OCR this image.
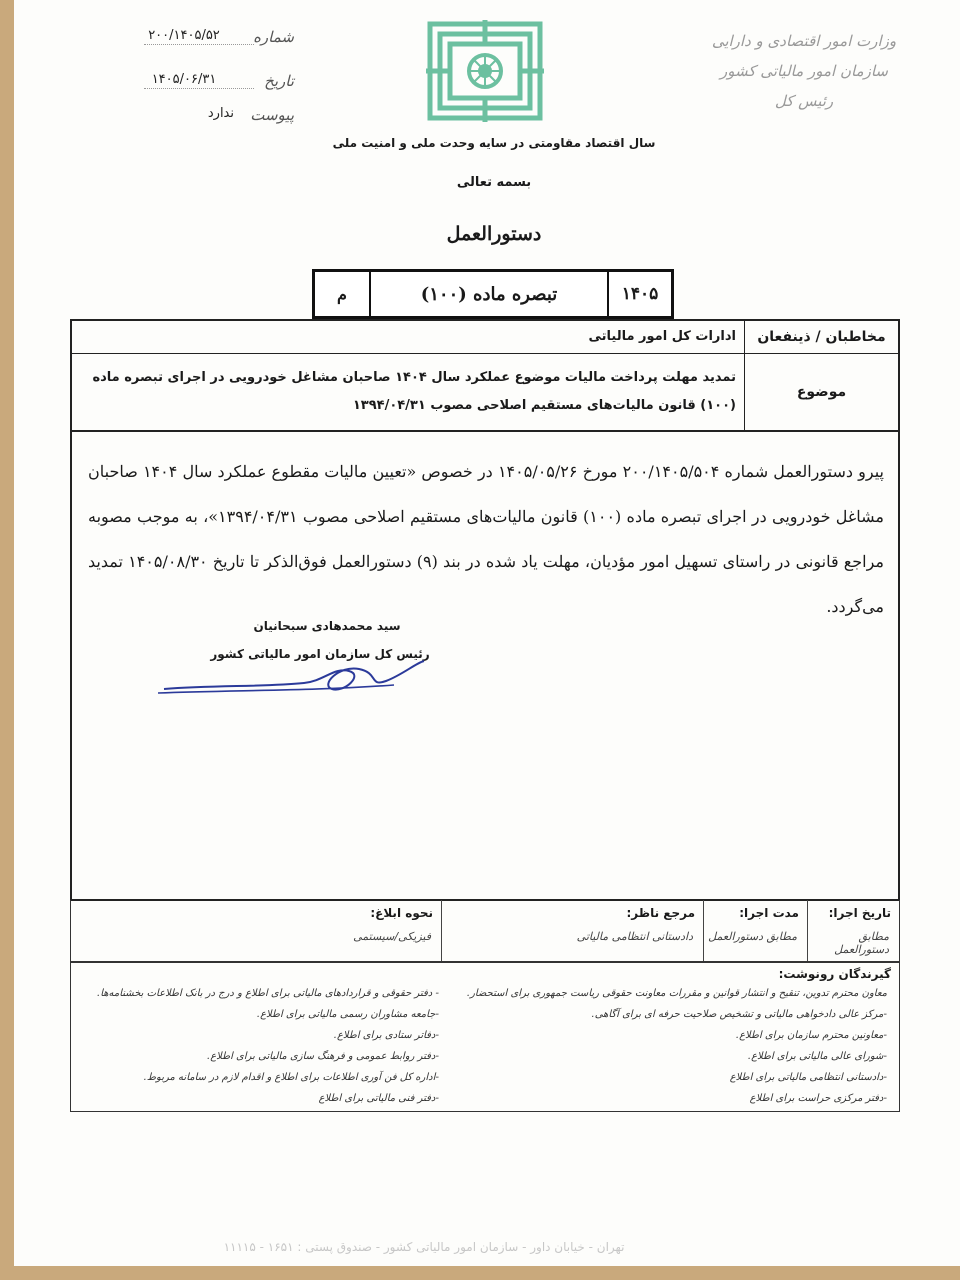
۲۰۰/۱۴۰۵/۵۲	شماره
۱۴۰۵/۰۶/۳۱	تاریخ
ندارد پیوست
وزارت امور اقتصادی و دارایی
سازمان امور مالیاتی کشور
رئیس کل
سال اقتصاد مقاومتی در سایه وحدت ملی و امنیت ملی
بسمه تعالی
دستورالعمل
۱۴۰۵
تبصره ماده (۱۰۰)
م
مخاطبان / ذینفعان
ادارات کل امور مالیاتی
موضوع
تمدید مهلت پرداخت مالیات موضوع عملکرد سال ۱۴۰۴ صاحبان مشاغل خودرویی در اجرای تبصره ماده (۱۰۰) قانون مالیات‌های مستقیم اصلاحی مصوب ۱۳۹۴/۰۴/۳۱
پیرو دستورالعمل شماره ۲۰۰/۱۴۰۵/۵۰۴ مورخ ۱۴۰۵/۰۵/۲۶ در خصوص «تعیین مالیات مقطوع عملکرد سال ۱۴۰۴ صاحبان مشاغل خودرویی در اجرای تبصره ماده (۱۰۰) قانون مالیات‌های مستقیم اصلاحی مصوب ۱۳۹۴/۰۴/۳۱»، به موجب مصوبه مراجع قانونی در راستای تسهیل امور مؤدیان، مهلت یاد شده در بند (۹) دستورالعمل فوق‌الذکر تا تاریخ ۱۴۰۵/۰۸/۳۰ تمدید می‌گردد.
سید محمدهادی سبحانیان
رئیس کل سازمان امور مالیاتی کشور
تاریخ اجرا:
مطابق دستورالعمل
مدت اجرا:
مطابق دستورالعمل
مرجع ناظر:
دادستانی انتظامی مالیاتی
نحوه ابلاغ:
فیزیکی/سیستمی
گیرندگان رونوشت:
معاون محترم تدوین، تنقیح و انتشار قوانین و مقررات معاونت حقوقی ریاست جمهوری برای استحضار.
-مرکز عالی دادخواهی مالیاتی و تشخیص صلاحیت حرفه ای برای آگاهی.
-معاونین محترم سازمان برای اطلاع.
-شورای عالی مالیاتی برای اطلاع.
-دادستانی انتظامی مالیاتی برای اطلاع
-دفتر مرکزی حراست برای اطلاع
- دفتر حقوقی و قراردادهای مالیاتی برای اطلاع و درج در بانک اطلاعات بخشنامه‌ها.
-جامعه مشاوران رسمی مالیاتی برای اطلاع.
-دفاتر ستادی برای اطلاع.
-دفتر روابط عمومی و فرهنگ سازی مالیاتی برای اطلاع.
-اداره کل فن آوری اطلاعات برای اطلاع و اقدام لازم در سامانه مربوط.
-دفتر فنی مالیاتی برای اطلاع
تهران - خیابان داور - سازمان امور مالیاتی کشور - صندوق پستی : ۱۶۵۱ - ۱۱۱۱۵
